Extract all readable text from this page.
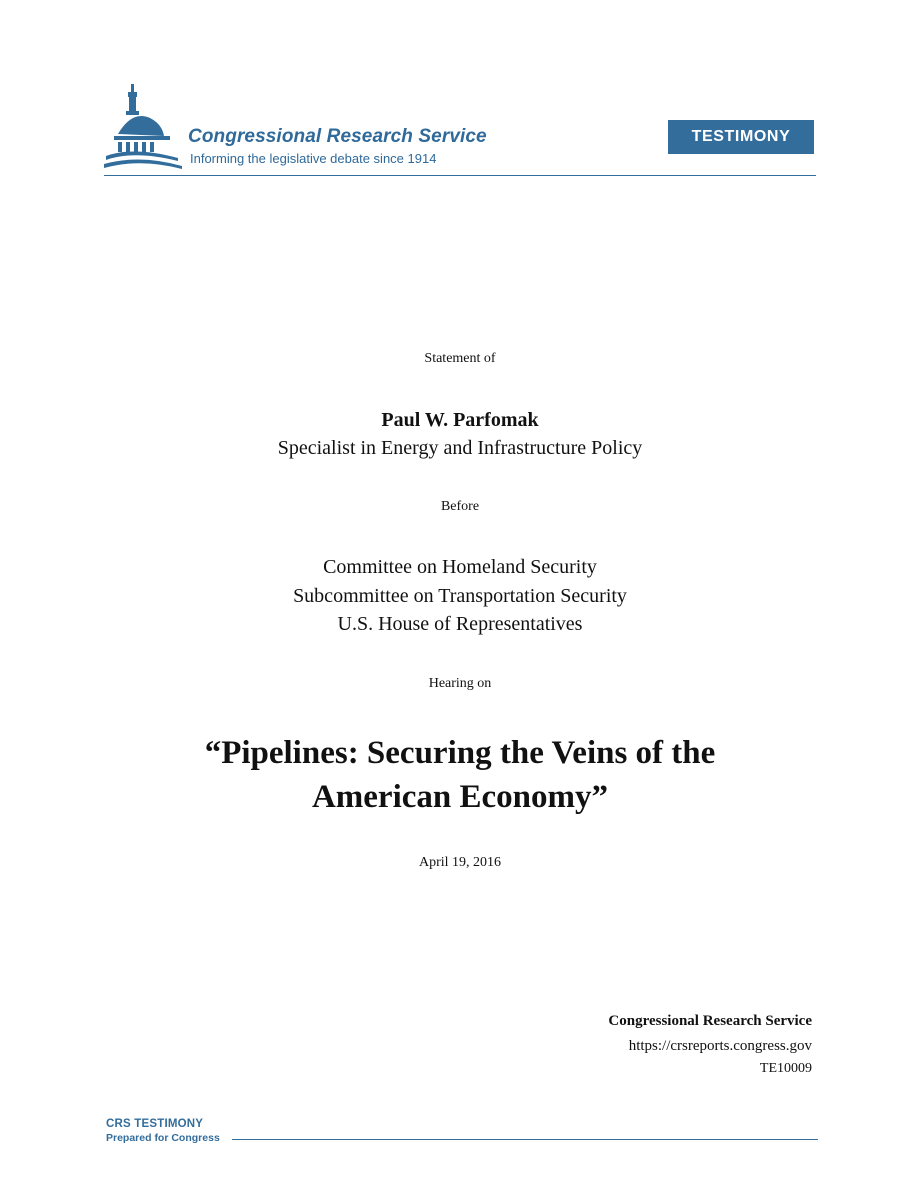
Congressional Research Service
Informing the legislative debate since 1914
TESTIMONY
Statement of
Paul W. Parfomak
Specialist in Energy and Infrastructure Policy
Before
Committee on Homeland Security
Subcommittee on Transportation Security
U.S. House of Representatives
Hearing on
“Pipelines: Securing the Veins of the
American Economy”
April 19, 2016
Congressional Research Service
https://crsreports.congress.gov
TE10009
CRS TESTIMONY
Prepared for Congress
